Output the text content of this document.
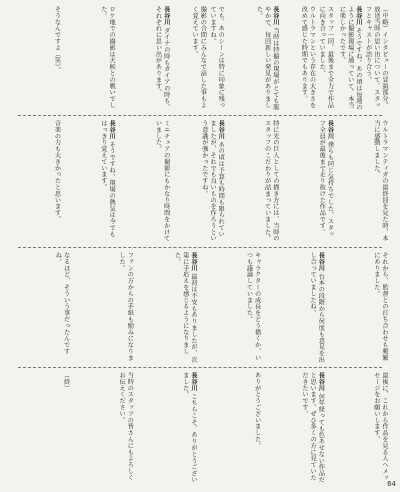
（中略）インタビューの冒頭部分。放送当時の思い出について、スタッフとキャストが語り合う。
長谷川 そうですね。あの頃は毎週のように撮影現場に通っていて、本当に楽しかったです。
スタッフ一同、最後まで全力で作品に向き合っていました。
ウルトラマンという存在の大きさを改めて感じた時期でもあります。
長谷川 当時は特撮の現場がとても賑やかで、毎回新しい発見がありました。
でも、あのシーンは特に印象に残っていますね。
撮影の合間にみんなで話した事もよく覚えています。
長谷川 ダイナの時もガイアの時も、それぞれに思い出があります。
ロケ地での撮影は天候との戦いでした。
そうなんですよ（笑）。
ウルトラマンティガの最終回を見た時、本当に感動しました。
長谷川 僕らも同じ気持ちでした。スタッフ全員が最後まで走り抜けた作品です。
特に光の巨人としての描き方には、当時のスタッフのこだわりが詰まっていました。
長谷川 あの頃は予算も時間も限られていましたが、それでも良いものを作ろうという意識が強かったですね。
ミニチュアの撮影にもかなり時間をかけていました。
長谷川 そうですね。現場の熱気は今でもはっきり覚えています。
音楽の力も大きかったと思います。
それから、監督との打ち合わせも頻繁にありました。
長谷川 台本の段階から何度も意見を出し合っていましたね。
キャラクターの成長をどう描くか、いつも議論していました。
長谷川 最初は不安もありましたが、次第に手応えを感じるようになりました。
ファンの方からの手紙も励みになりました。
なるほど、そういう事だったんですね。
最後に、これから作品を見る人へメッセージをお願いします。
長谷川 何年経っても色あせない作品だと思います。ぜひ多くの方に見ていただきたいです。
ありがとうございました。
長谷川 こちらこそ、ありがとうございました。
当時のスタッフの皆さんにもよろしくお伝えください。
（終）
64
